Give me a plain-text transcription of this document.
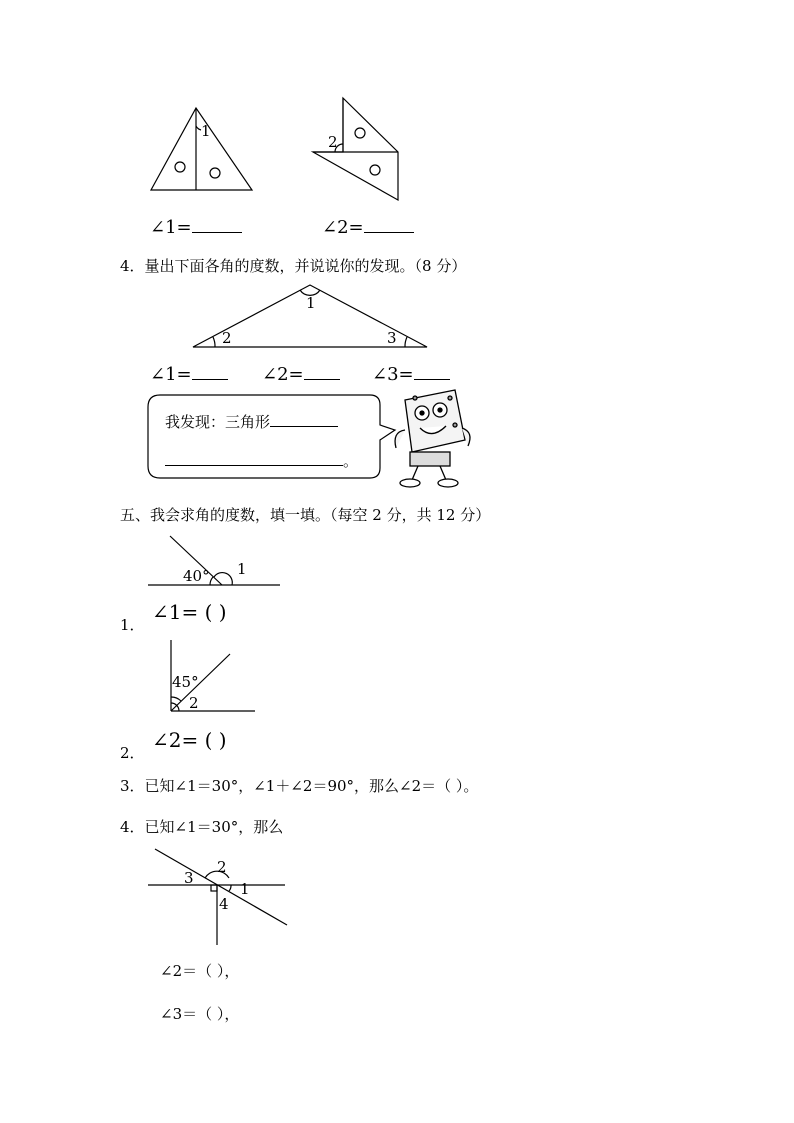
1
2
∠1=	∠2=
4．量出下面各角的度数，并说说你的发现。（8 分）
1
2	3
∠1=	∠2=	∠3=
我发现：三角形
。
五、我会求角的度数，填一填。（每空 2 分，共 12 分）
40° 1
1．
∠1= ( )
45°
2
2．
∠2= ( )
3．已知∠1＝30°，∠1＋∠2＝90°，那么∠2＝（ ）。
4．已知∠1＝30°，那么
2
3
1
4
∠2＝（ ），
∠3＝（ ），
